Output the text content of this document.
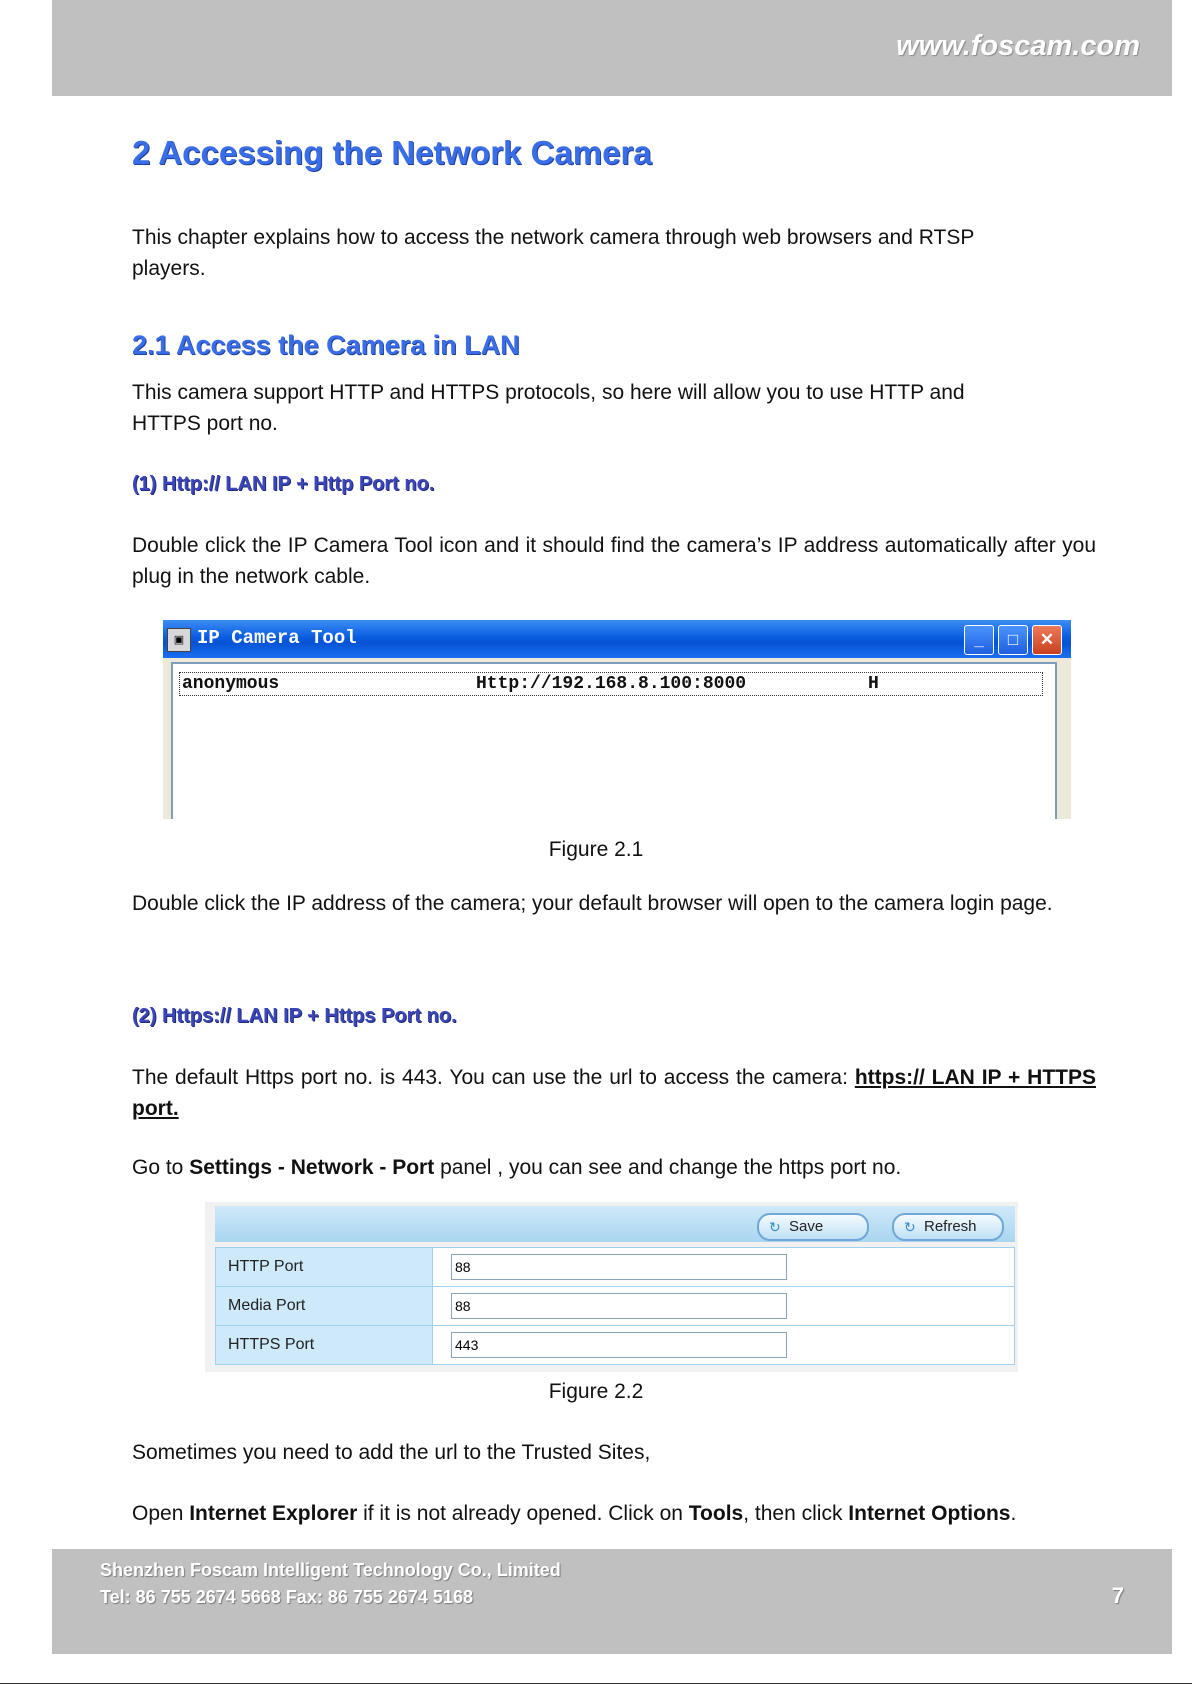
www.foscam.com
2 Accessing the Network Camera

This chapter explains how to access the network camera through web browsers and RTSP
players.

2.1 Access the Camera in LAN

This camera support HTTP and HTTPS protocols, so here will allow you to use HTTP and
HTTPS port no.

(1) Http:// LAN IP + Http Port no.

Double click the IP Camera Tool icon and it should find the camera’s IP address automatically after you plug in the network cable.

▣ IP Camera Tool	_	□	✕
anonymous	Http://192.168.8.100:8000	H
Figure 2.1

Double click the IP address of the camera; your default browser will open to the camera login page.

(2) Https:// LAN IP + Https Port no.

The default Https port no. is 443. You can use the url to access the camera: https:// LAN IP + HTTPS port.

Go to Settings - Network - Port panel , you can see and change the https port no.

↻ Save	↻ Refresh
HTTP Port	88

Media Port	88

HTTPS Port	443
Figure 2.2

Sometimes you need to add the url to the Trusted Sites,

Open Internet Explorer if it is not already opened. Click on Tools, then click Internet Options.

Shenzhen Foscam Intelligent Technology Co., Limited
Tel: 86 755 2674 5668 Fax: 86 755 2674 5168	7
